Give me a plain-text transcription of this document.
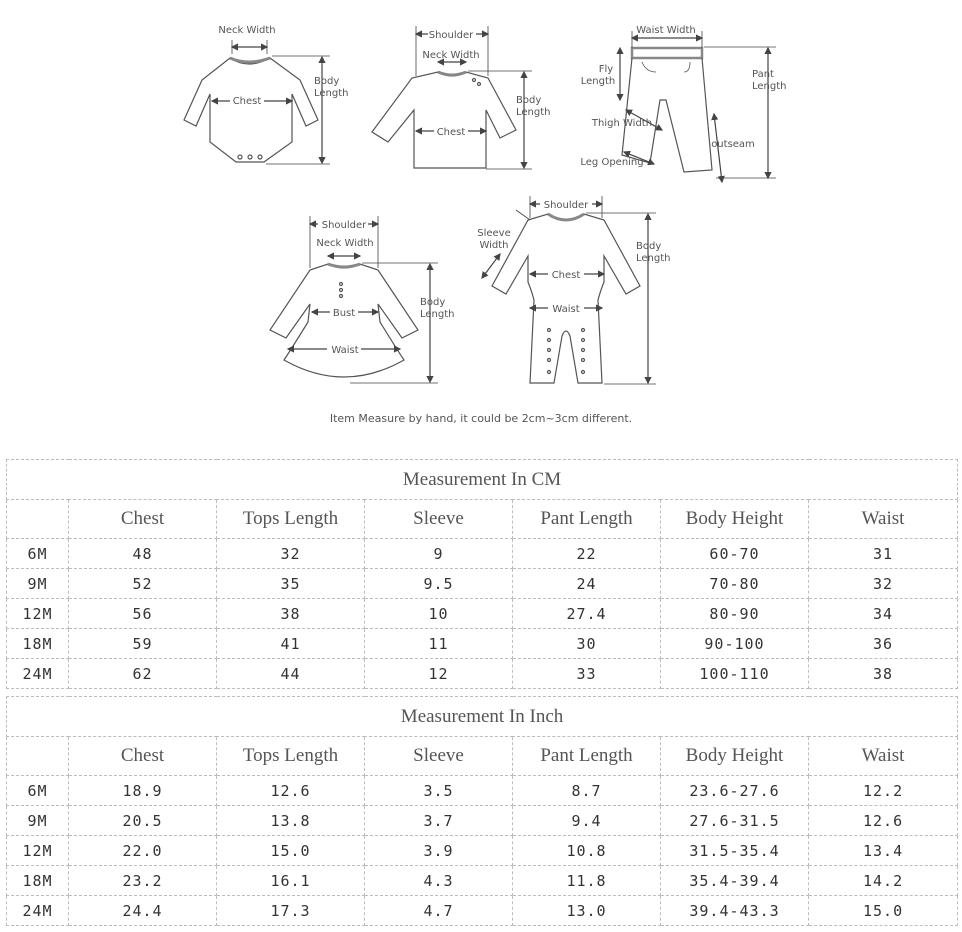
Neck Width
Chest
Body
Length
Shoulder
Neck Width
Chest
Body
Length
Waist Width
Fly
Length
Pant
Length
Thigh Width
outseam
Leg Opening
Shoulder
Neck Width
Bust
Waist
Body
Length
Shoulder
Chest
Waist
Sleeve
Width	Body
Length
Item Measure by hand, it could be 2cm~3cm different.
Measurement In CM						
	Chest	Tops Length	Sleeve	Pant Length	Body Height	Waist
6M	48	32	9	22	60-70	31
9M	52	35	9.5	24	70-80	32
12M	56	38	10	27.4	80-90	34
18M	59	41	11	30	90-100	36
24M	62	44	12	33	100-110	38
Measurement In Inch						
	Chest	Tops Length	Sleeve	Pant Length	Body Height	Waist
6M	18.9	12.6	3.5	8.7	23.6-27.6	12.2
9M	20.5	13.8	3.7	9.4	27.6-31.5	12.6
12M	22.0	15.0	3.9	10.8	31.5-35.4	13.4
18M	23.2	16.1	4.3	11.8	35.4-39.4	14.2
24M	24.4	17.3	4.7	13.0	39.4-43.3	15.0
